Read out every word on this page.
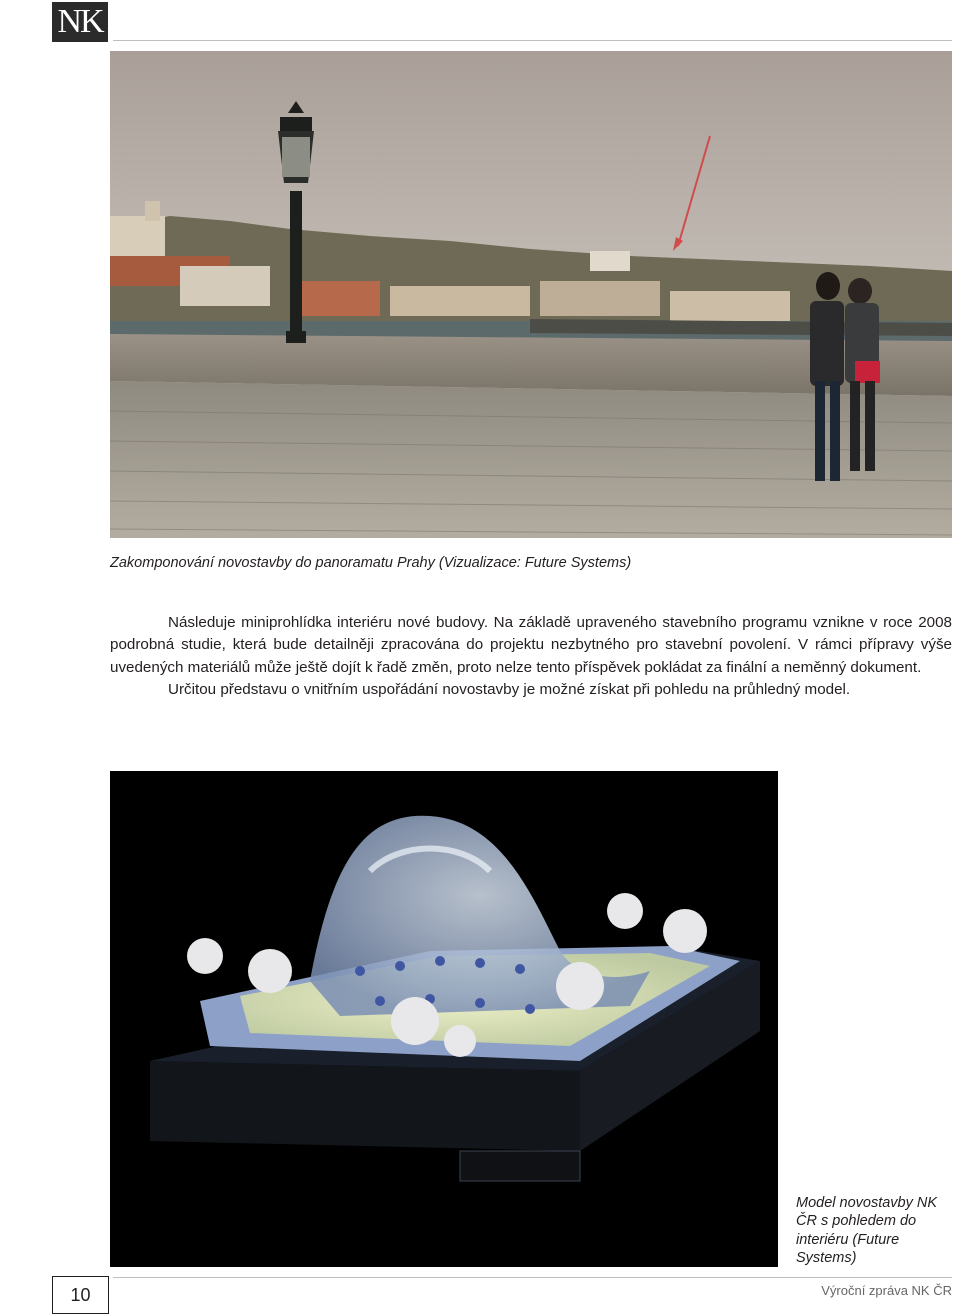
NK
Zakomponování novostavby do panoramatu Prahy (Vizualizace: Future Systems)

Následuje miniprohlídka interiéru nové budovy. Na základě upraveného stavebního programu vznikne v roce 2008 podrobná studie, která bude detailněji zpracována do projektu nezbytného pro stavební povolení. V rámci přípravy výše uvedených materiálů může ještě dojít k řadě změn, proto nelze tento příspěvek pokládat za finální a neměnný dokument.

Určitou představu o vnitřním uspořádání novostavby je možné získat při pohledu na průhledný model.

Model novostavby NK ČR s pohledem do interiéru (Future Systems)
10	Výroční zpráva NK ČR
